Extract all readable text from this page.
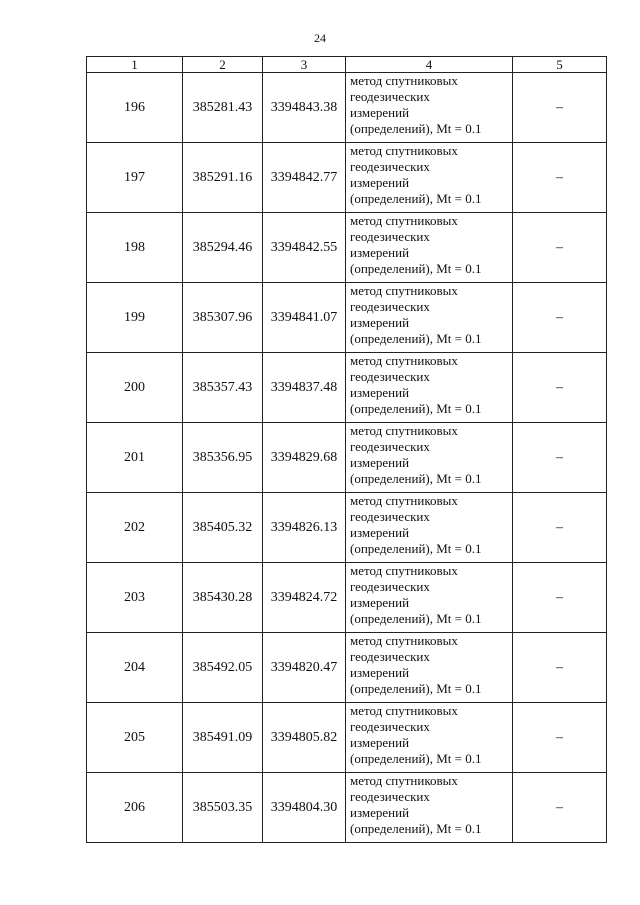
24
1	2	3	4	5
196	385281.43	3394843.38	метод спутниковых
геодезических
измерений
(определений), Mt = 0.1	–
197	385291.16	3394842.77	метод спутниковых
геодезических
измерений
(определений), Mt = 0.1	–
198	385294.46	3394842.55	метод спутниковых
геодезических
измерений
(определений), Mt = 0.1	–
199	385307.96	3394841.07	метод спутниковых
геодезических
измерений
(определений), Mt = 0.1	–
200	385357.43	3394837.48	метод спутниковых
геодезических
измерений
(определений), Mt = 0.1	–
201	385356.95	3394829.68	метод спутниковых
геодезических
измерений
(определений), Mt = 0.1	–
202	385405.32	3394826.13	метод спутниковых
геодезических
измерений
(определений), Mt = 0.1	–
203	385430.28	3394824.72	метод спутниковых
геодезических
измерений
(определений), Mt = 0.1	–
204	385492.05	3394820.47	метод спутниковых
геодезических
измерений
(определений), Mt = 0.1	–
205	385491.09	3394805.82	метод спутниковых
геодезических
измерений
(определений), Mt = 0.1	–
206	385503.35	3394804.30	метод спутниковых
геодезических
измерений
(определений), Mt = 0.1	–
